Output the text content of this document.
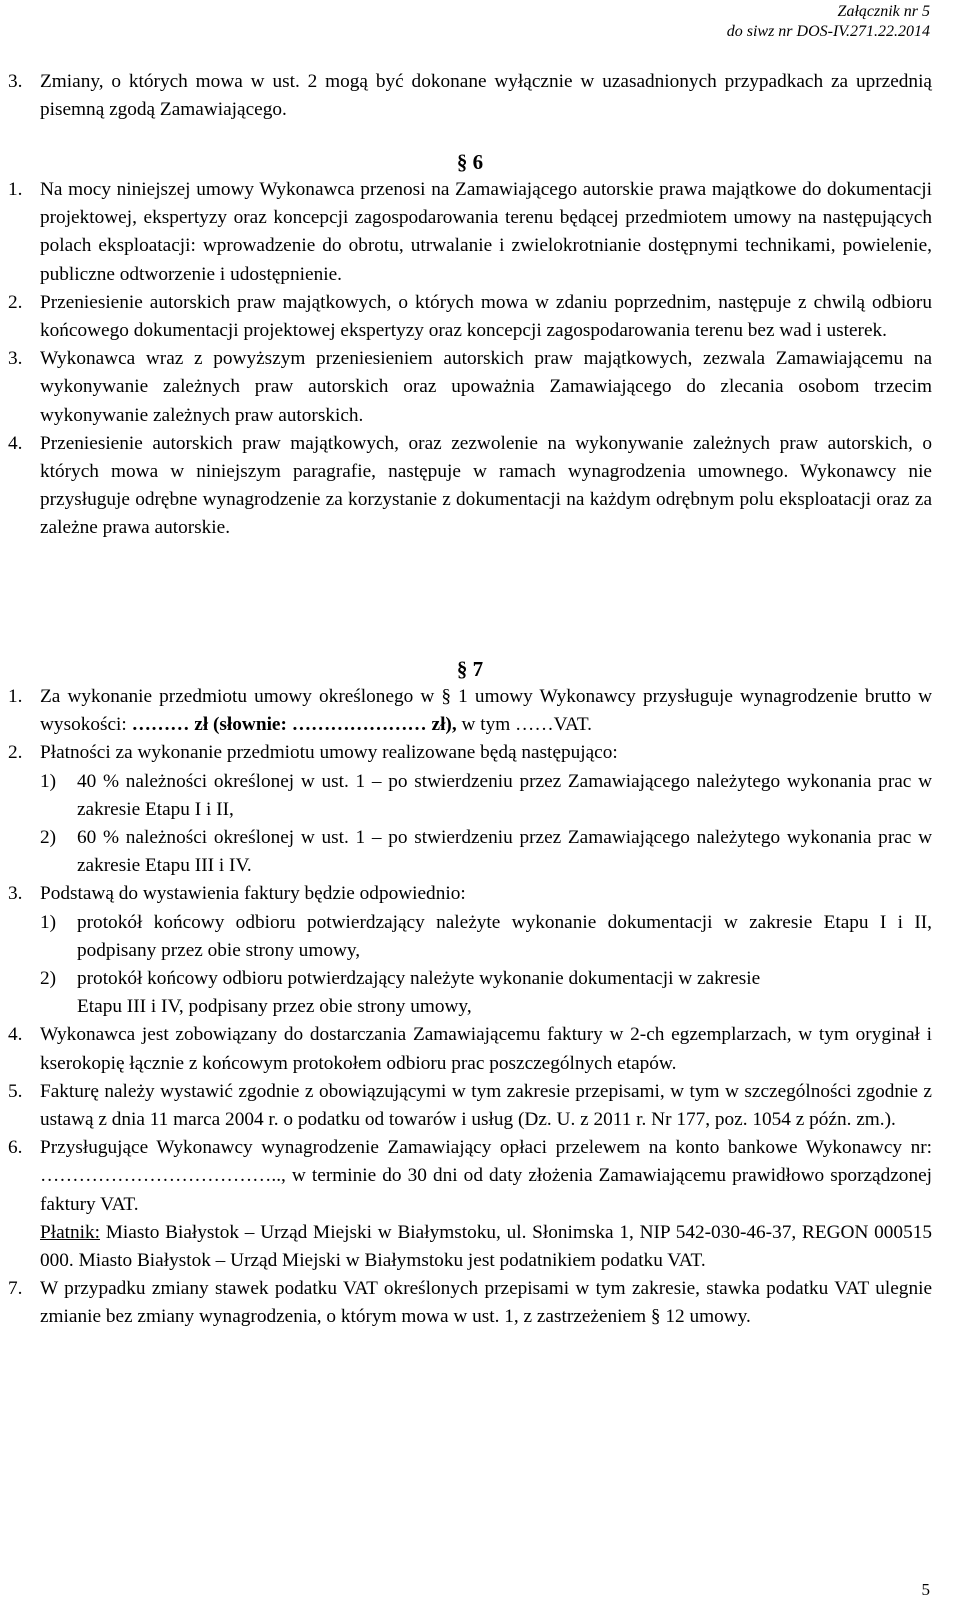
Załącznik nr 5
do siwz nr DOS-IV.271.22.2014
3. Zmiany, o których mowa w ust. 2 mogą być dokonane wyłącznie w uzasadnionych przypadkach za uprzednią pisemną zgodą Zamawiającego.
§ 6
1. Na mocy niniejszej umowy Wykonawca przenosi na Zamawiającego autorskie prawa majątkowe do dokumentacji projektowej, ekspertyzy oraz koncepcji zagospodarowania terenu będącej przedmiotem umowy na następujących polach eksploatacji: wprowadzenie do obrotu, utrwalanie i zwielokrotnianie dostępnymi technikami, powielenie, publiczne odtworzenie i udostępnienie.
2. Przeniesienie autorskich praw majątkowych, o których mowa w zdaniu poprzednim, następuje z chwilą odbioru końcowego dokumentacji projektowej ekspertyzy oraz koncepcji zagospodarowania terenu bez wad i usterek.
3. Wykonawca wraz z powyższym przeniesieniem autorskich praw majątkowych, zezwala Zamawiającemu na wykonywanie zależnych praw autorskich oraz upoważnia Zamawiającego do zlecania osobom trzecim wykonywanie zależnych praw autorskich.
4. Przeniesienie autorskich praw majątkowych, oraz zezwolenie na wykonywanie zależnych praw autorskich, o których mowa w niniejszym paragrafie, następuje w ramach wynagrodzenia umownego. Wykonawcy nie przysługuje odrębne wynagrodzenie za korzystanie z dokumentacji na każdym odrębnym polu eksploatacji oraz za zależne prawa autorskie.
§ 7
1. Za wykonanie przedmiotu umowy określonego w § 1 umowy Wykonawcy przysługuje wynagrodzenie brutto w wysokości: ……… zł (słownie: ………………… zł), w tym ……VAT.
2. Płatności za wykonanie przedmiotu umowy realizowane będą następująco:
1) 40 % należności określonej w ust. 1 – po stwierdzeniu przez Zamawiającego należytego wykonania prac w zakresie Etapu I i II,
2) 60 % należności określonej w ust. 1 – po stwierdzeniu przez Zamawiającego należytego wykonania prac w zakresie Etapu III i IV.
3. Podstawą do wystawienia faktury będzie odpowiednio:
1) protokół końcowy odbioru potwierdzający należyte wykonanie dokumentacji w zakresie Etapu I i II, podpisany przez obie strony umowy,
2) protokół końcowy odbioru potwierdzający należyte wykonanie dokumentacji w zakresie
Etapu III i IV, podpisany przez obie strony umowy,
4. Wykonawca jest zobowiązany do dostarczania Zamawiającemu faktury w 2-ch egzemplarzach, w tym oryginał i kserokopię łącznie z końcowym protokołem odbioru prac poszczególnych etapów.
5. Fakturę należy wystawić zgodnie z obowiązującymi w tym zakresie przepisami, w tym w szczególności zgodnie z ustawą z dnia 11 marca 2004 r. o podatku od towarów i usług (Dz. U. z 2011 r. Nr 177, poz. 1054 z późn. zm.).
6. Przysługujące Wykonawcy wynagrodzenie Zamawiający opłaci przelewem na konto bankowe Wykonawcy nr: ……………………………….., w terminie do 30 dni od daty złożenia Zamawiającemu prawidłowo sporządzonej faktury VAT.
Płatnik: Miasto Białystok – Urząd Miejski w Białymstoku, ul. Słonimska 1, NIP 542-030-46-37, REGON 000515 000. Miasto Białystok – Urząd Miejski w Białymstoku jest podatnikiem podatku VAT.
7. W przypadku zmiany stawek podatku VAT określonych przepisami w tym zakresie, stawka podatku VAT ulegnie zmianie bez zmiany wynagrodzenia, o którym mowa w ust. 1, z zastrzeżeniem § 12 umowy.
5
